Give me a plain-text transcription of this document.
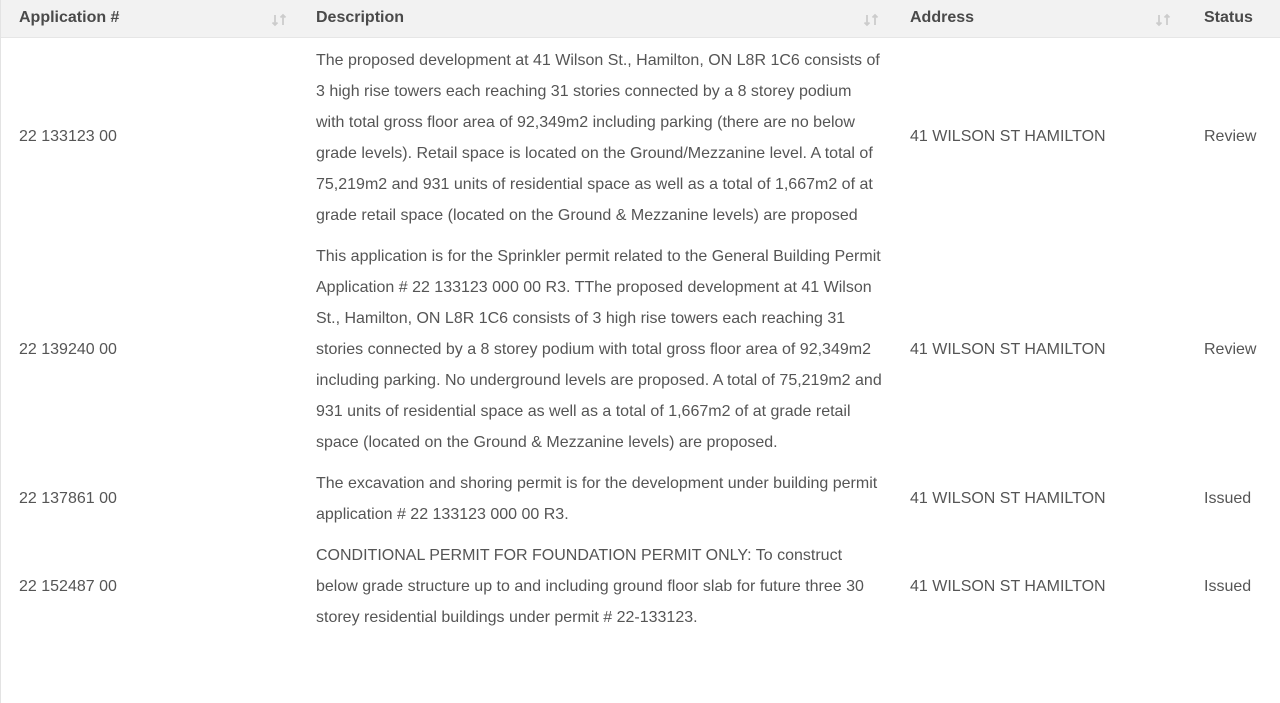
Application #	Description	Address	Status
22 133123 00	The proposed development at 41 Wilson St., Hamilton, ON L8R 1C6 consists of 3 high rise towers each reaching 31 stories connected by a 8 storey podium with total gross floor area of 92,349m2 including parking (there are no below grade levels). Retail space is located on the Ground/Mezzanine level. A total of 75,219m2 and 931 units of residential space as well as a total of 1,667m2 of at grade retail space (located on the Ground & Mezzanine levels) are proposed	41 WILSON ST HAMILTON	Review
22 139240 00	This application is for the Sprinkler permit related to the General Building Permit Application # 22 133123 000 00 R3. TThe proposed development at 41 Wilson St., Hamilton, ON L8R 1C6 consists of 3 high rise towers each reaching 31 stories connected by a 8 storey podium with total gross floor area of 92,349m2 including parking. No underground levels are proposed. A total of 75,219m2 and 931 units of residential space as well as a total of 1,667m2 of at grade retail space (located on the Ground & Mezzanine levels) are proposed.	41 WILSON ST HAMILTON	Review
22 137861 00	The excavation and shoring permit is for the development under building permit application # 22 133123 000 00 R3.	41 WILSON ST HAMILTON	Issued
22 152487 00	CONDITIONAL PERMIT FOR FOUNDATION PERMIT ONLY: To construct below grade structure up to and including ground floor slab for future three 30 storey residential buildings under permit # 22-133123.	41 WILSON ST HAMILTON	Issued
